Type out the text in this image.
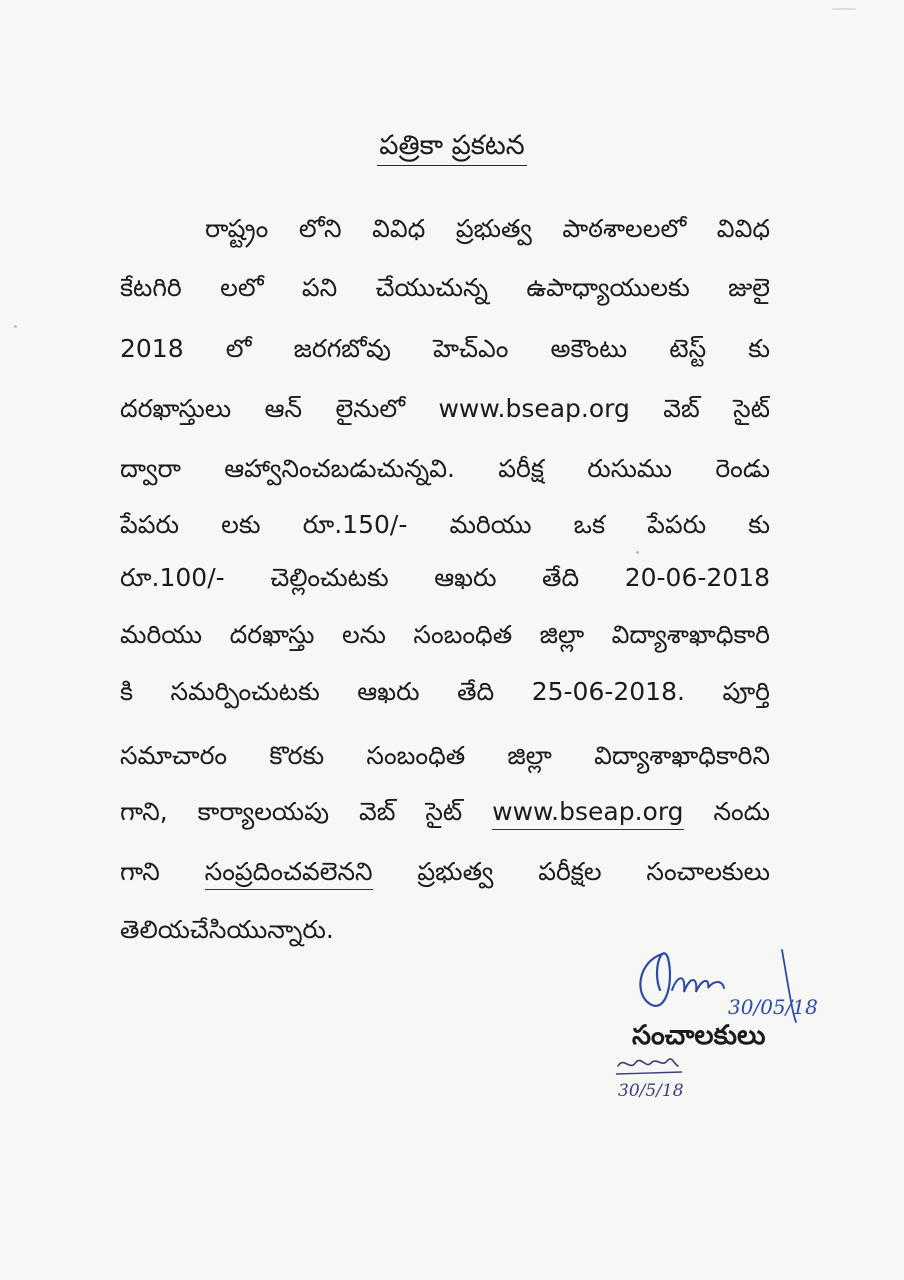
పత్రికా ప్రకటన
రాష్ట్రం లోని వివిధ ప్రభుత్వ పాఠశాలలలో వివిధ
కేటగిరి లలో పని చేయుచున్న ఉపాధ్యాయులకు జులై
2018 లో జరగబోవు హెచ్ఎం అకౌంటు టెస్ట్ కు
దరఖాస్తులు ఆన్ లైనులో www.bseap.org వెబ్ సైట్
ద్వారా ఆహ్వానించబడుచున్నవి. పరీక్ష రుసుము రెండు
పేపరు లకు రూ.150/- మరియు ఒక పేపరు కు
రూ.100/- చెల్లించుటకు ఆఖరు తేది 20-06-2018
మరియు దరఖాస్తు లను సంబంధిత జిల్లా విద్యాశాఖాధికారి
కి సమర్పించుటకు ఆఖరు తేది 25-06-2018. పూర్తి
సమాచారం కొరకు సంబంధిత జిల్లా విద్యాశాఖాధికారిని
గాని, కార్యాలయపు వెబ్ సైట్ www.bseap.org నందు
గాని సంప్రదించవలెనని ప్రభుత్వ పరీక్షల సంచాలకులు
తెలియచేసియున్నారు.
30/05/18
సంచాలకులు
30/5/18
